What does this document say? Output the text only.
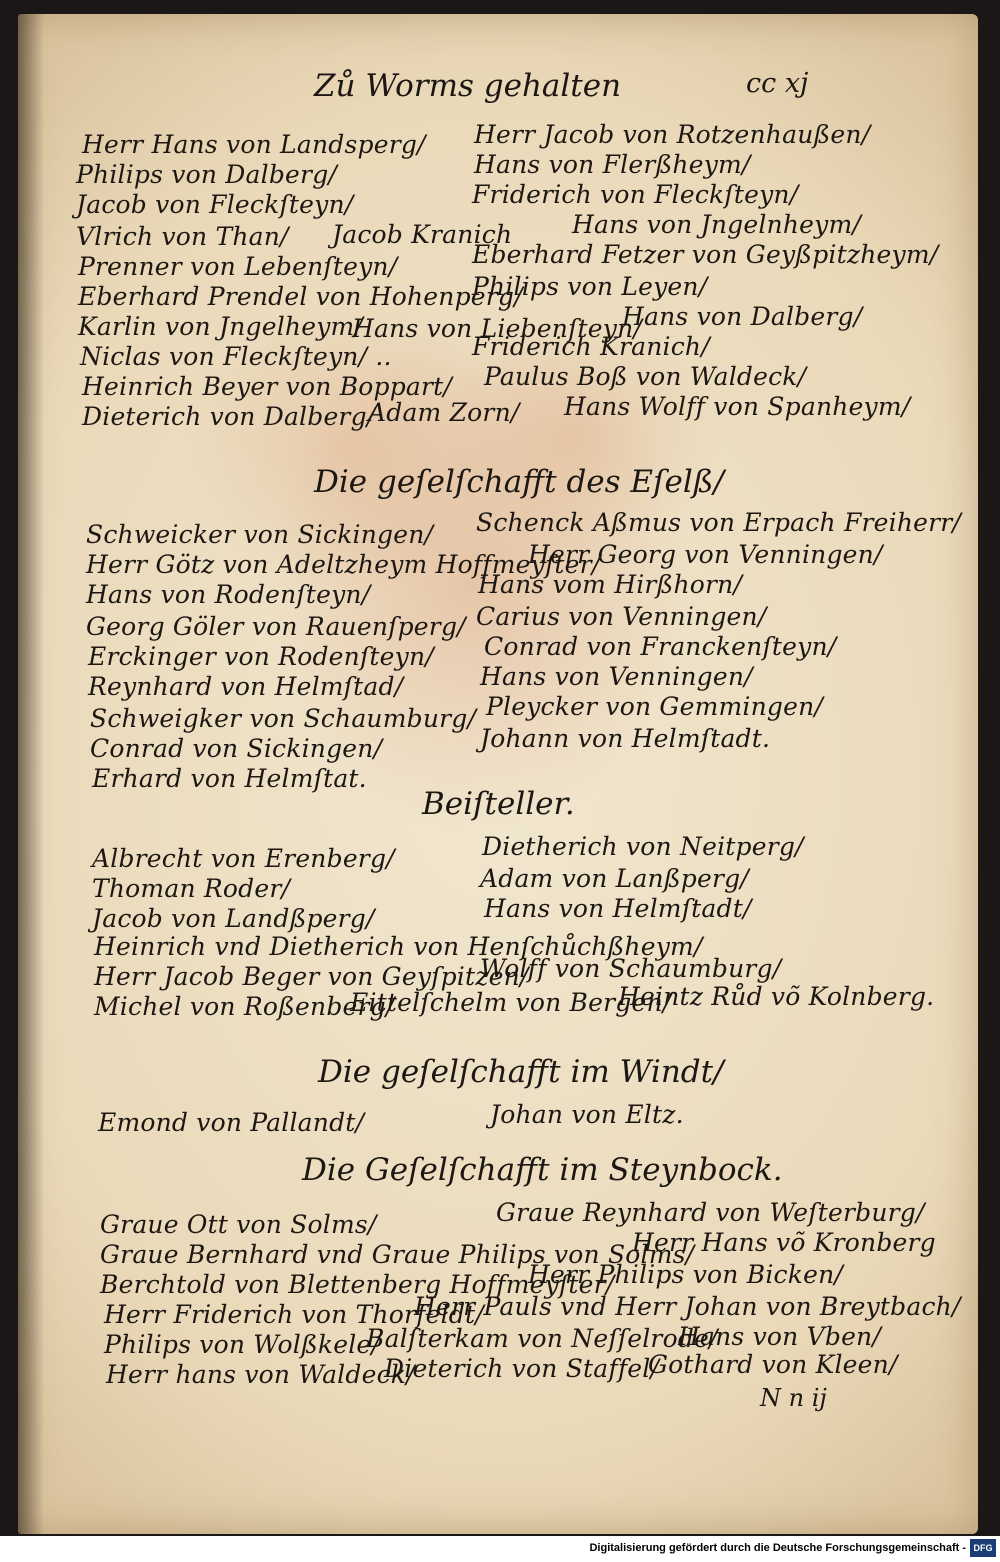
Zů Worms gehalten	cc xj
Herr Hans von Landsperg/
Philips von Dalberg/
Jacob von Fleckſteyn/
Vlrich von Than/
Prenner von Lebenſteyn/
Eberhard Prendel von Hohenperg/
Karlin von Jngelheym/
Niclas von Fleckſteyn/ ..
Heinrich Beyer von Boppart/
Dieterich von Dalberg/
Jacob Kranich
Hans von Liebenſteyn/
Adam Zorn/
Herr Jacob von Rotzenhaußen/
Hans von Flerßheym/
Friderich von Fleckſteyn/
Hans von Jngelnheym/
Eberhard Fetzer von Geyßpitzheym/
Philips von Leyen/
Hans von Dalberg/
Friderich Kranich/
Paulus Boß von Waldeck/
Hans Wolff von Spanheym/
Die geſelſchafft des Eſelß/
Schweicker von Sickingen/
Herr Götz von Adeltzheym Hoffmeyſter/
Hans von Rodenſteyn/
Georg Göler von Rauenſperg/
Erckinger von Rodenſteyn/
Reynhard von Helmſtad/
Schweigker von Schaumburg/
Conrad von Sickingen/
Erhard von Helmſtat.
Schenck Aßmus von Erpach Freiherr/
Herr Georg von Venningen/
Hans vom Hirßhorn/
Carius von Venningen/
Conrad von Franckenſteyn/
Hans von Venningen/
Pleycker von Gemmingen/
Johann von Helmſtadt.
Beiſteller.
Albrecht von Erenberg/
Thoman Roder/
Jacob von Landßperg/
Dietherich von Neitperg/
Adam von Lanßperg/
Hans von Helmſtadt/
Heinrich vnd Dietherich von Henſchůchßheym/
Herr Jacob Beger von Geyſpitzen/
Wolff von Schaumburg/
Michel von Roßenberg/
Eittelſchelm von Bergen/
Heintz Růd võ Kolnberg.
Die geſelſchafft im Windt/
Emond von Pallandt/	Johan von Eltz.
Die Geſelſchafft im Steynbock.
Graue Ott von Solms/	Graue Reynhard von Weſterburg/
Graue Bernhard vnd Graue Philips von Solms/
Herr Hans võ Kronberg
Berchtold von Blettenberg Hoffmeyſter/
Herr Philips von Bicken/
Herr Friderich von Thorfeldt/
Herr Pauls vnd Herr Johan von Breytbach/
Philips von Wolßkele/
Balſterkam von Neſſelrode/
Hans von Vben/
Herr hans von Waldeck/
Dieterich von Staffel/
Gothard von Kleen/
N n ij
Digitalisierung gefördert durch die Deutsche Forschungsgemeinschaft - DFG
